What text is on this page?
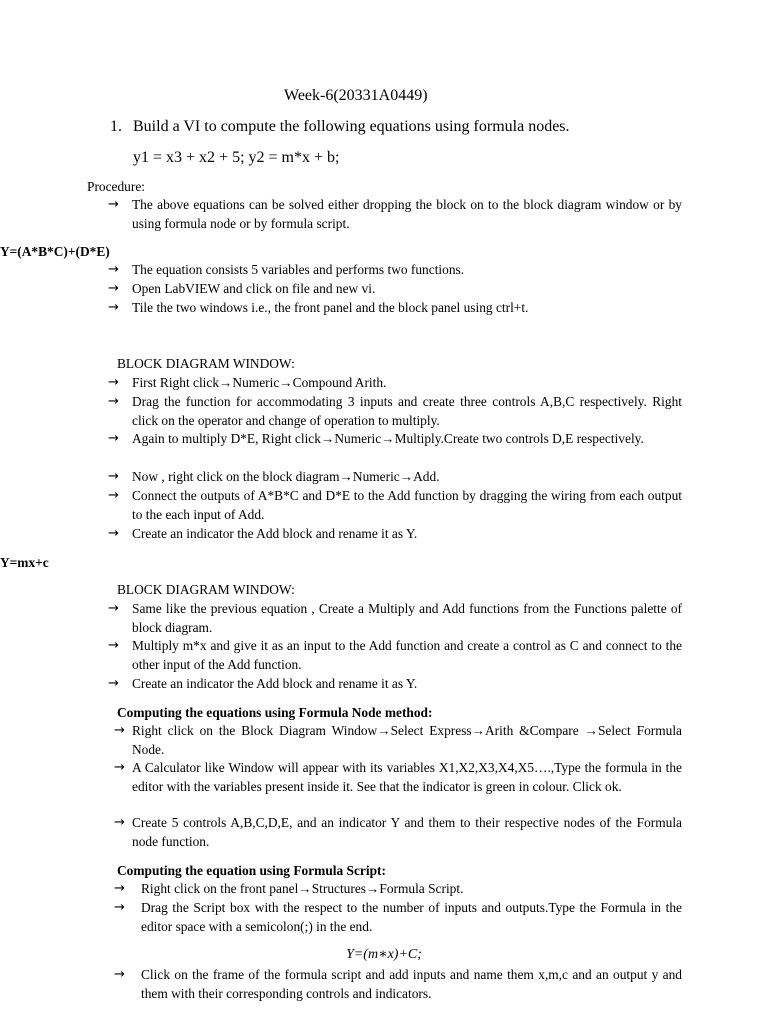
Week-6(20331A0449)
1. Build a VI to compute the following equations using formula nodes.
y1 = x3 + x2 + 5; y2 = m*x + b;
Procedure:
→ The above equations can be solved either dropping the block on to the block diagram window or by using formula node or by formula script.
Y=(A*B*C)+(D*E)
→ The equation consists 5 variables and performs two functions.
→ Open LabVIEW and click on file and new vi.
→ Tile the two windows i.e., the front panel and the block panel using ctrl+t.
BLOCK DIAGRAM WINDOW:
→ First Right click→Numeric→Compound Arith.
→ Drag the function for accommodating 3 inputs and create three controls A,B,C respectively. Right click on the operator and change of operation to multiply.
→ Again to multiply D*E, Right click→Numeric→Multiply.Create two controls D,E respectively.
→ Now , right click on the block diagram→Numeric→Add.
→ Connect the outputs of A*B*C and D*E to the Add function by dragging the wiring from each output to the each input of Add.
→ Create an indicator the Add block and rename it as Y.
Y=mx+c
BLOCK DIAGRAM WINDOW:
→ Same like the previous equation , Create a Multiply and Add functions from the Functions palette of block diagram.
→ Multiply m*x and give it as an input to the Add function and create a control as C and connect to the other input of the Add function.
→ Create an indicator the Add block and rename it as Y.
Computing the equations using Formula Node method:
→ Right click on the Block Diagram Window→Select Express→Arith &Compare →Select Formula Node.
→ A Calculator like Window will appear with its variables X1,X2,X3,X4,X5….,Type the formula in the editor with the variables present inside it. See that the indicator is green in colour. Click ok.
→ Create 5 controls A,B,C,D,E, and an indicator Y and them to their respective nodes of the Formula node function.
Computing the equation using Formula Script:
→ Right click on the front panel→Structures→Formula Script.
→ Drag the Script box with the respect to the number of inputs and outputs.Type the Formula in the editor space with a semicolon(;) in the end.
Y=(m∗x)+C;
→ Click on the frame of the formula script and add inputs and name them x,m,c and an output y and them with their corresponding controls and indicators.
